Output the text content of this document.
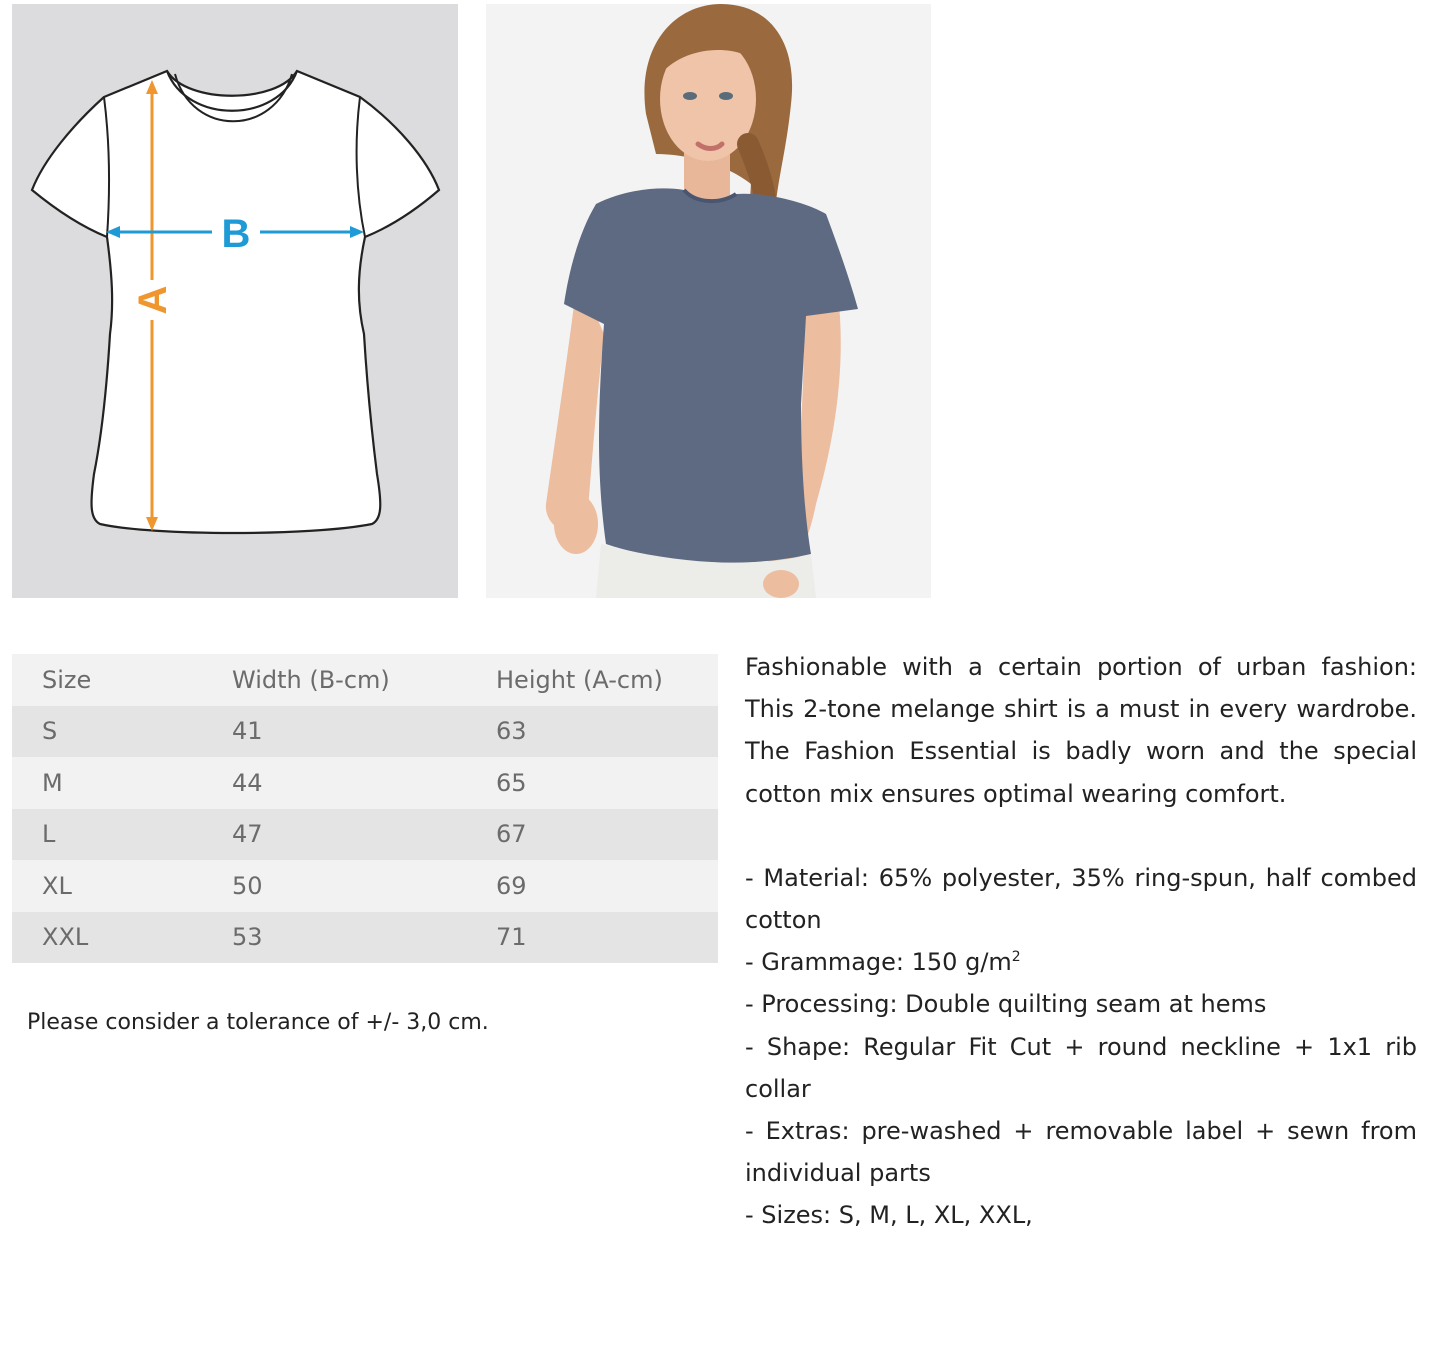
B
A
Size	Width (B-cm)	Height (A-cm)
S	41	63
M	44	65
L	47	67
XL	50	69
XXL	53	71
Please consider a tolerance of +/- 3,0 cm.

Fashionable with a certain portion of urban fashion: This 2-tone melange shirt is a must in every wardrobe. The Fashion Essential is badly worn and the special cotton mix ensures optimal wearing comfort.

- Material: 65% polyester, 35% ring-spun, half combed cotton

- Grammage: 150 $g/m^2$

- Processing: Double quilting seam at hems

- Shape: Regular Fit Cut + round neckline + 1x1 rib collar

- Extras: pre-washed + removable label + sewn from individual parts

- Sizes: S, M, L, XL, XXL,
